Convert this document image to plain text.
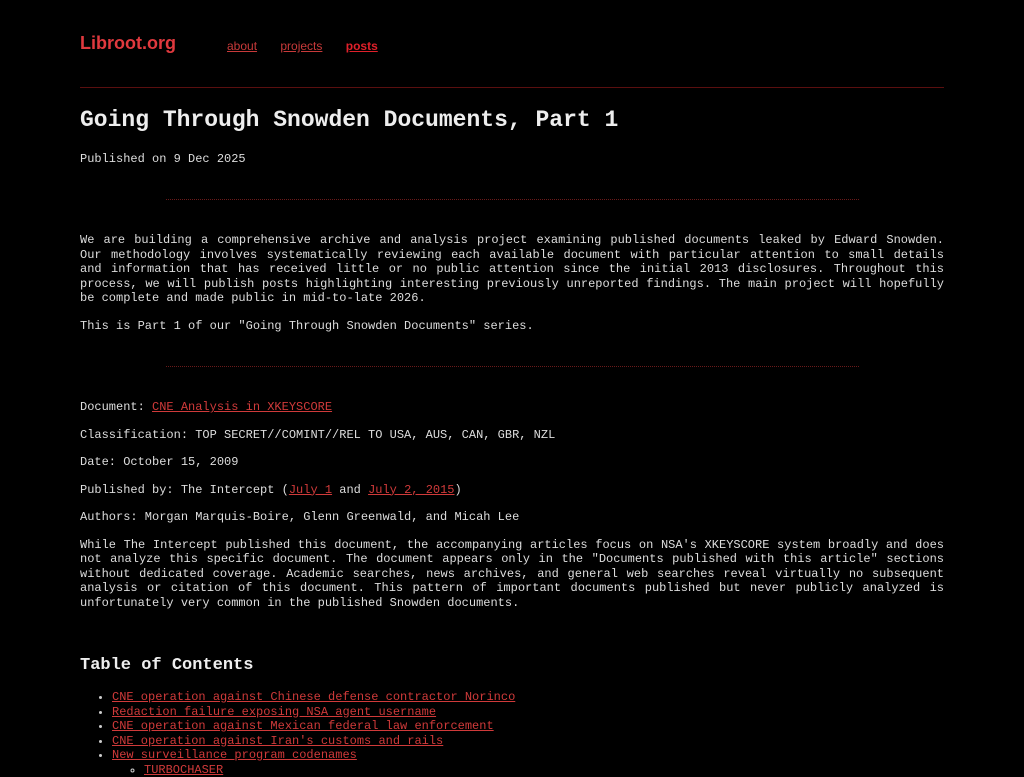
Libroot.org	about projects posts
Going Through Snowden Documents, Part 1
Published on 9 Dec 2025

We are building a comprehensive archive and analysis project examining published documents leaked by Edward Snowden. Our methodology involves systematically reviewing each available document with particular attention to small details and information that has received little or no public attention since the initial 2013 disclosures. Throughout this process, we will publish posts highlighting interesting previously unreported findings. The main project will hopefully be complete and made public in mid-to-late 2026.

This is Part 1 of our "Going Through Snowden Documents" series.

Document: CNE Analysis in XKEYSCORE

Classification: TOP SECRET//COMINT//REL TO USA, AUS, CAN, GBR, NZL

Date: October 15, 2009

Published by: The Intercept (July 1 and July 2, 2015)

Authors: Morgan Marquis-Boire, Glenn Greenwald, and Micah Lee

While The Intercept published this document, the accompanying articles focus on NSA's XKEYSCORE system broadly and does not analyze this specific document. The document appears only in the "Documents published with this article" sections without dedicated coverage. Academic searches, news archives, and general web searches reveal virtually no subsequent analysis or citation of this document. This pattern of important documents published but never publicly analyzed is unfortunately very common in the published Snowden documents.

Table of Contents
• CNE operation against Chinese defense contractor Norinco
• Redaction failure exposing NSA agent username
• CNE operation against Mexican federal law enforcement
• CNE operation against Iran's customs and rails
• New surveillance program codenames
◦ TURBOCHASER
